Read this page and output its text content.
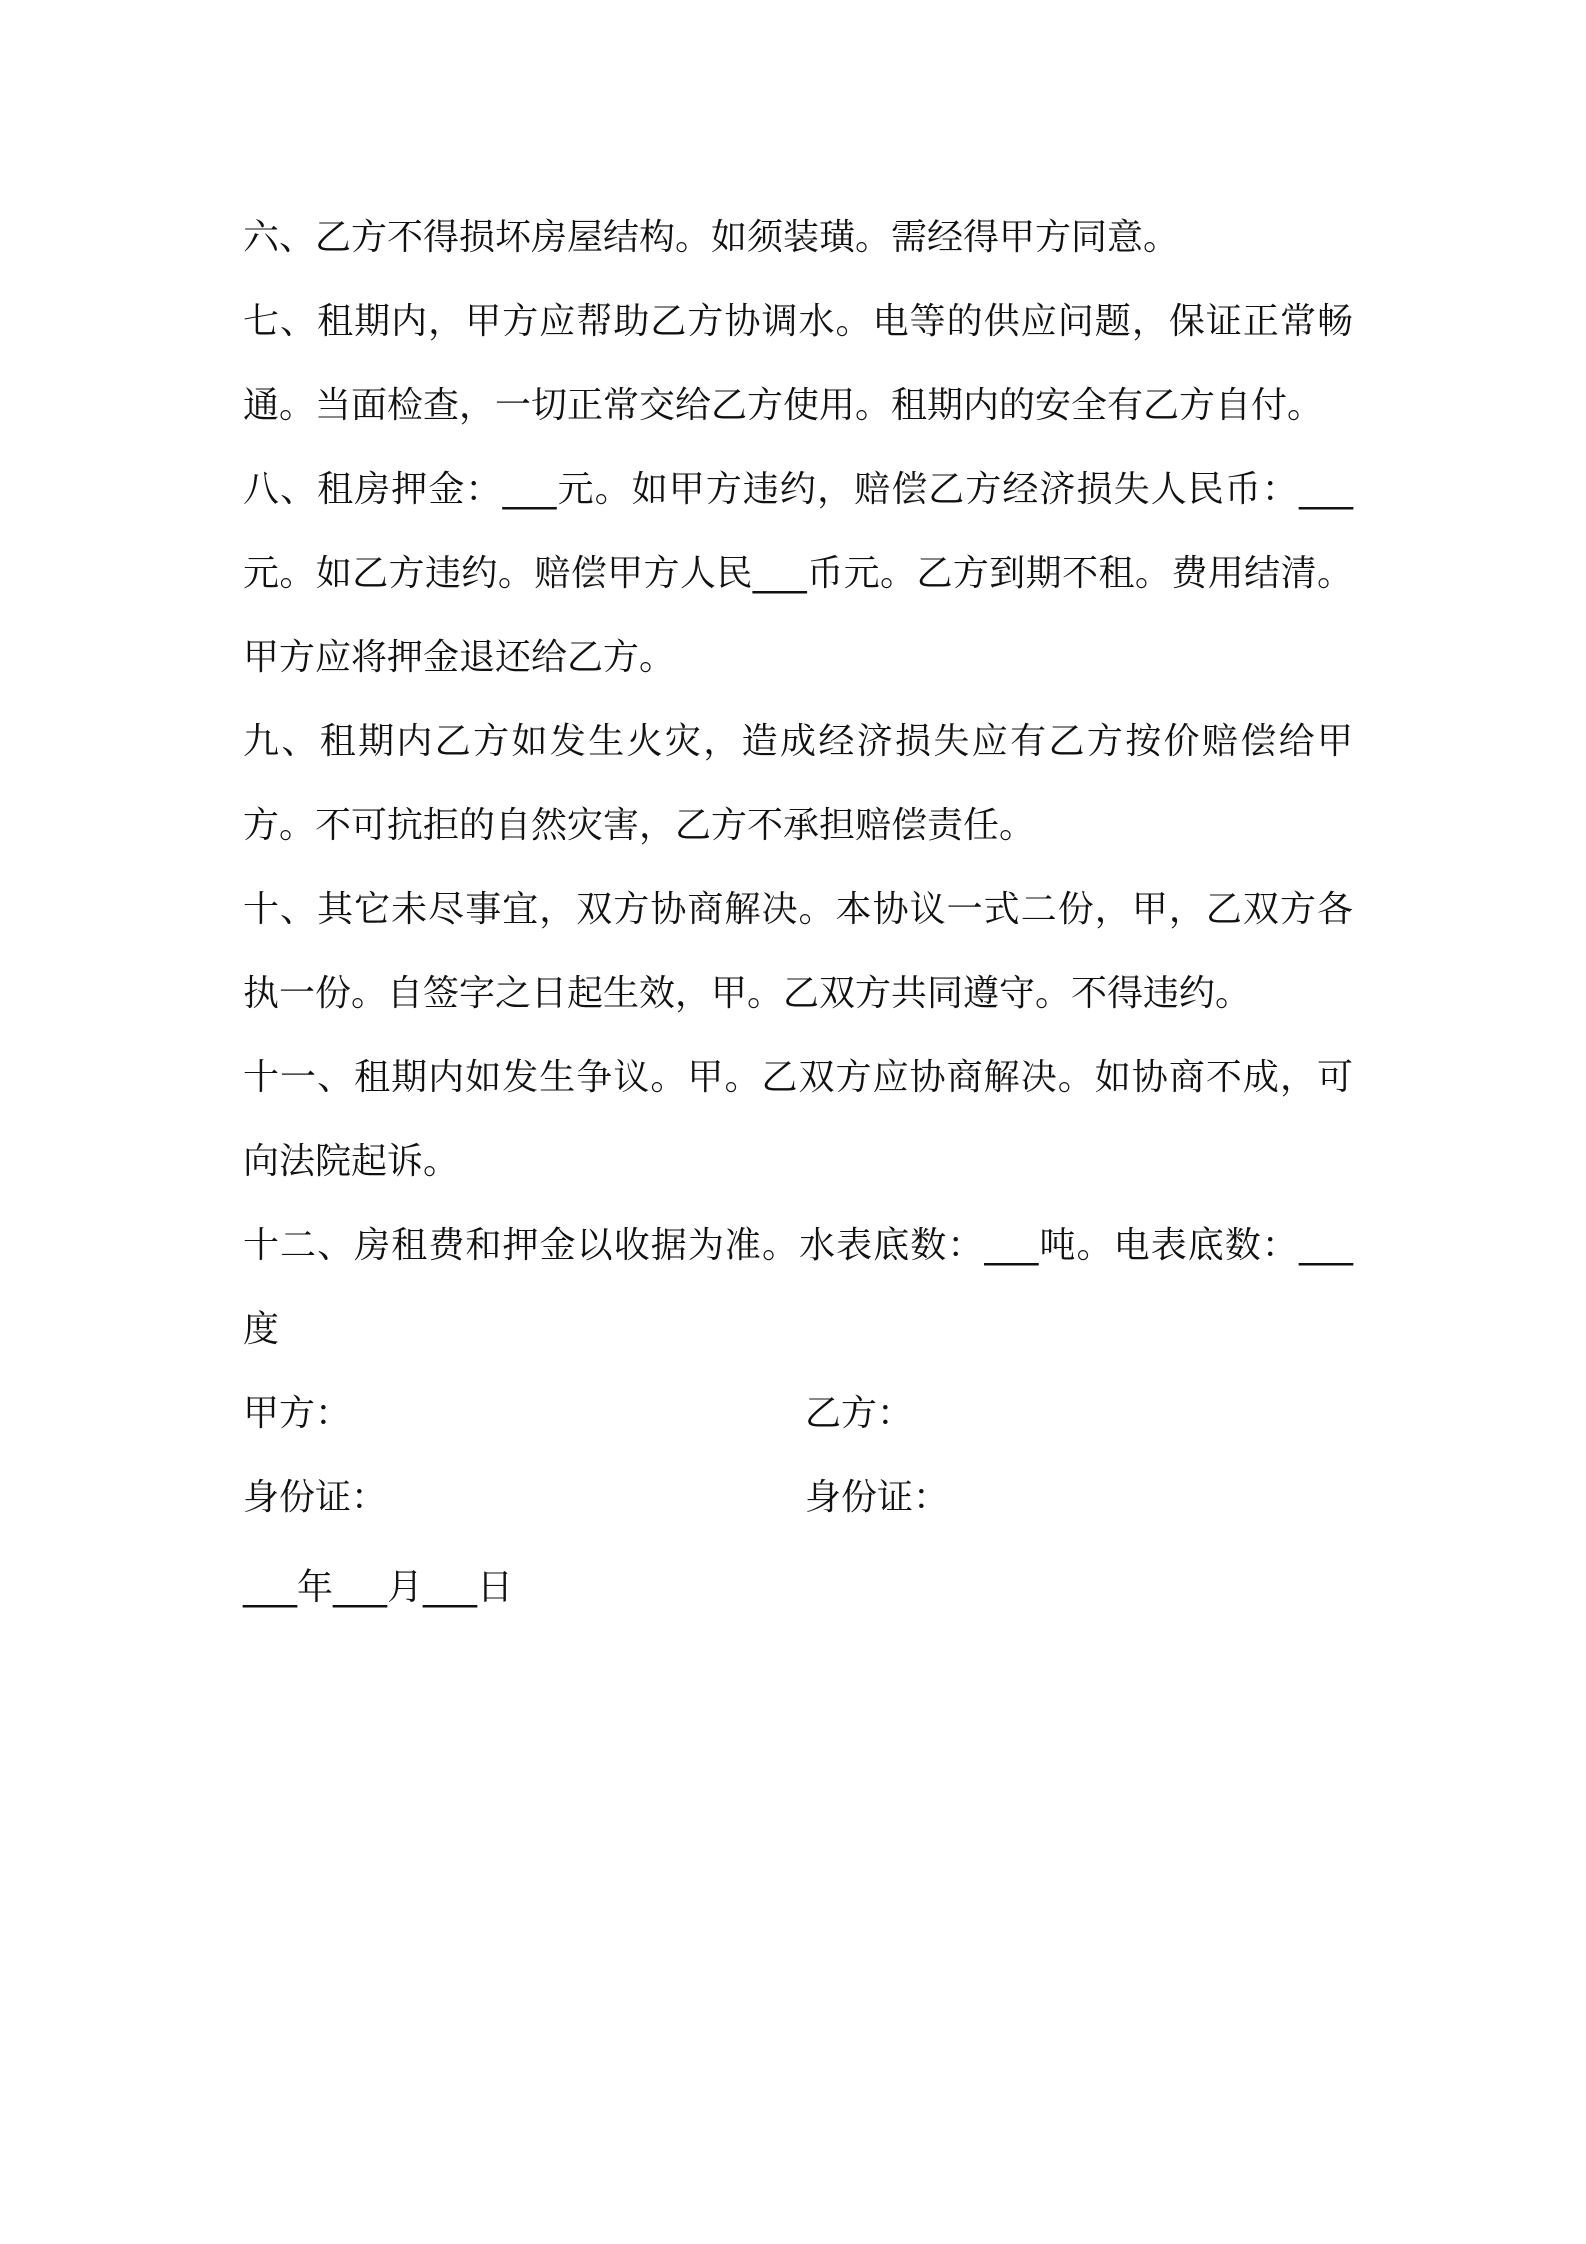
六、乙方不得损坏房屋结构。如须装璜。需经得甲方同意。

七、租期内，甲方应帮助乙方协调水。电等的供应问题，保证正常畅通。当面检查，一切正常交给乙方使用。租期内的安全有乙方自付。

八、租房押金：___元。如甲方违约，赔偿乙方经济损失人民币：___元。如乙方违约。赔偿甲方人民___币元。乙方到期不租。费用结清。甲方应将押金退还给乙方。

九、租期内乙方如发生火灾，造成经济损失应有乙方按价赔偿给甲方。不可抗拒的自然灾害，乙方不承担赔偿责任。

十、其它未尽事宜，双方协商解决。本协议一式二份，甲，乙双方各执一份。自签字之日起生效，甲。乙双方共同遵守。不得违约。

十一、租期内如发生争议。甲。乙双方应协商解决。如协商不成，可向法院起诉。

十二、房租费和押金以收据为准。水表底数：___吨。电表底数：___度

甲方：	乙方：
身份证：	身份证：
___年___月___日
